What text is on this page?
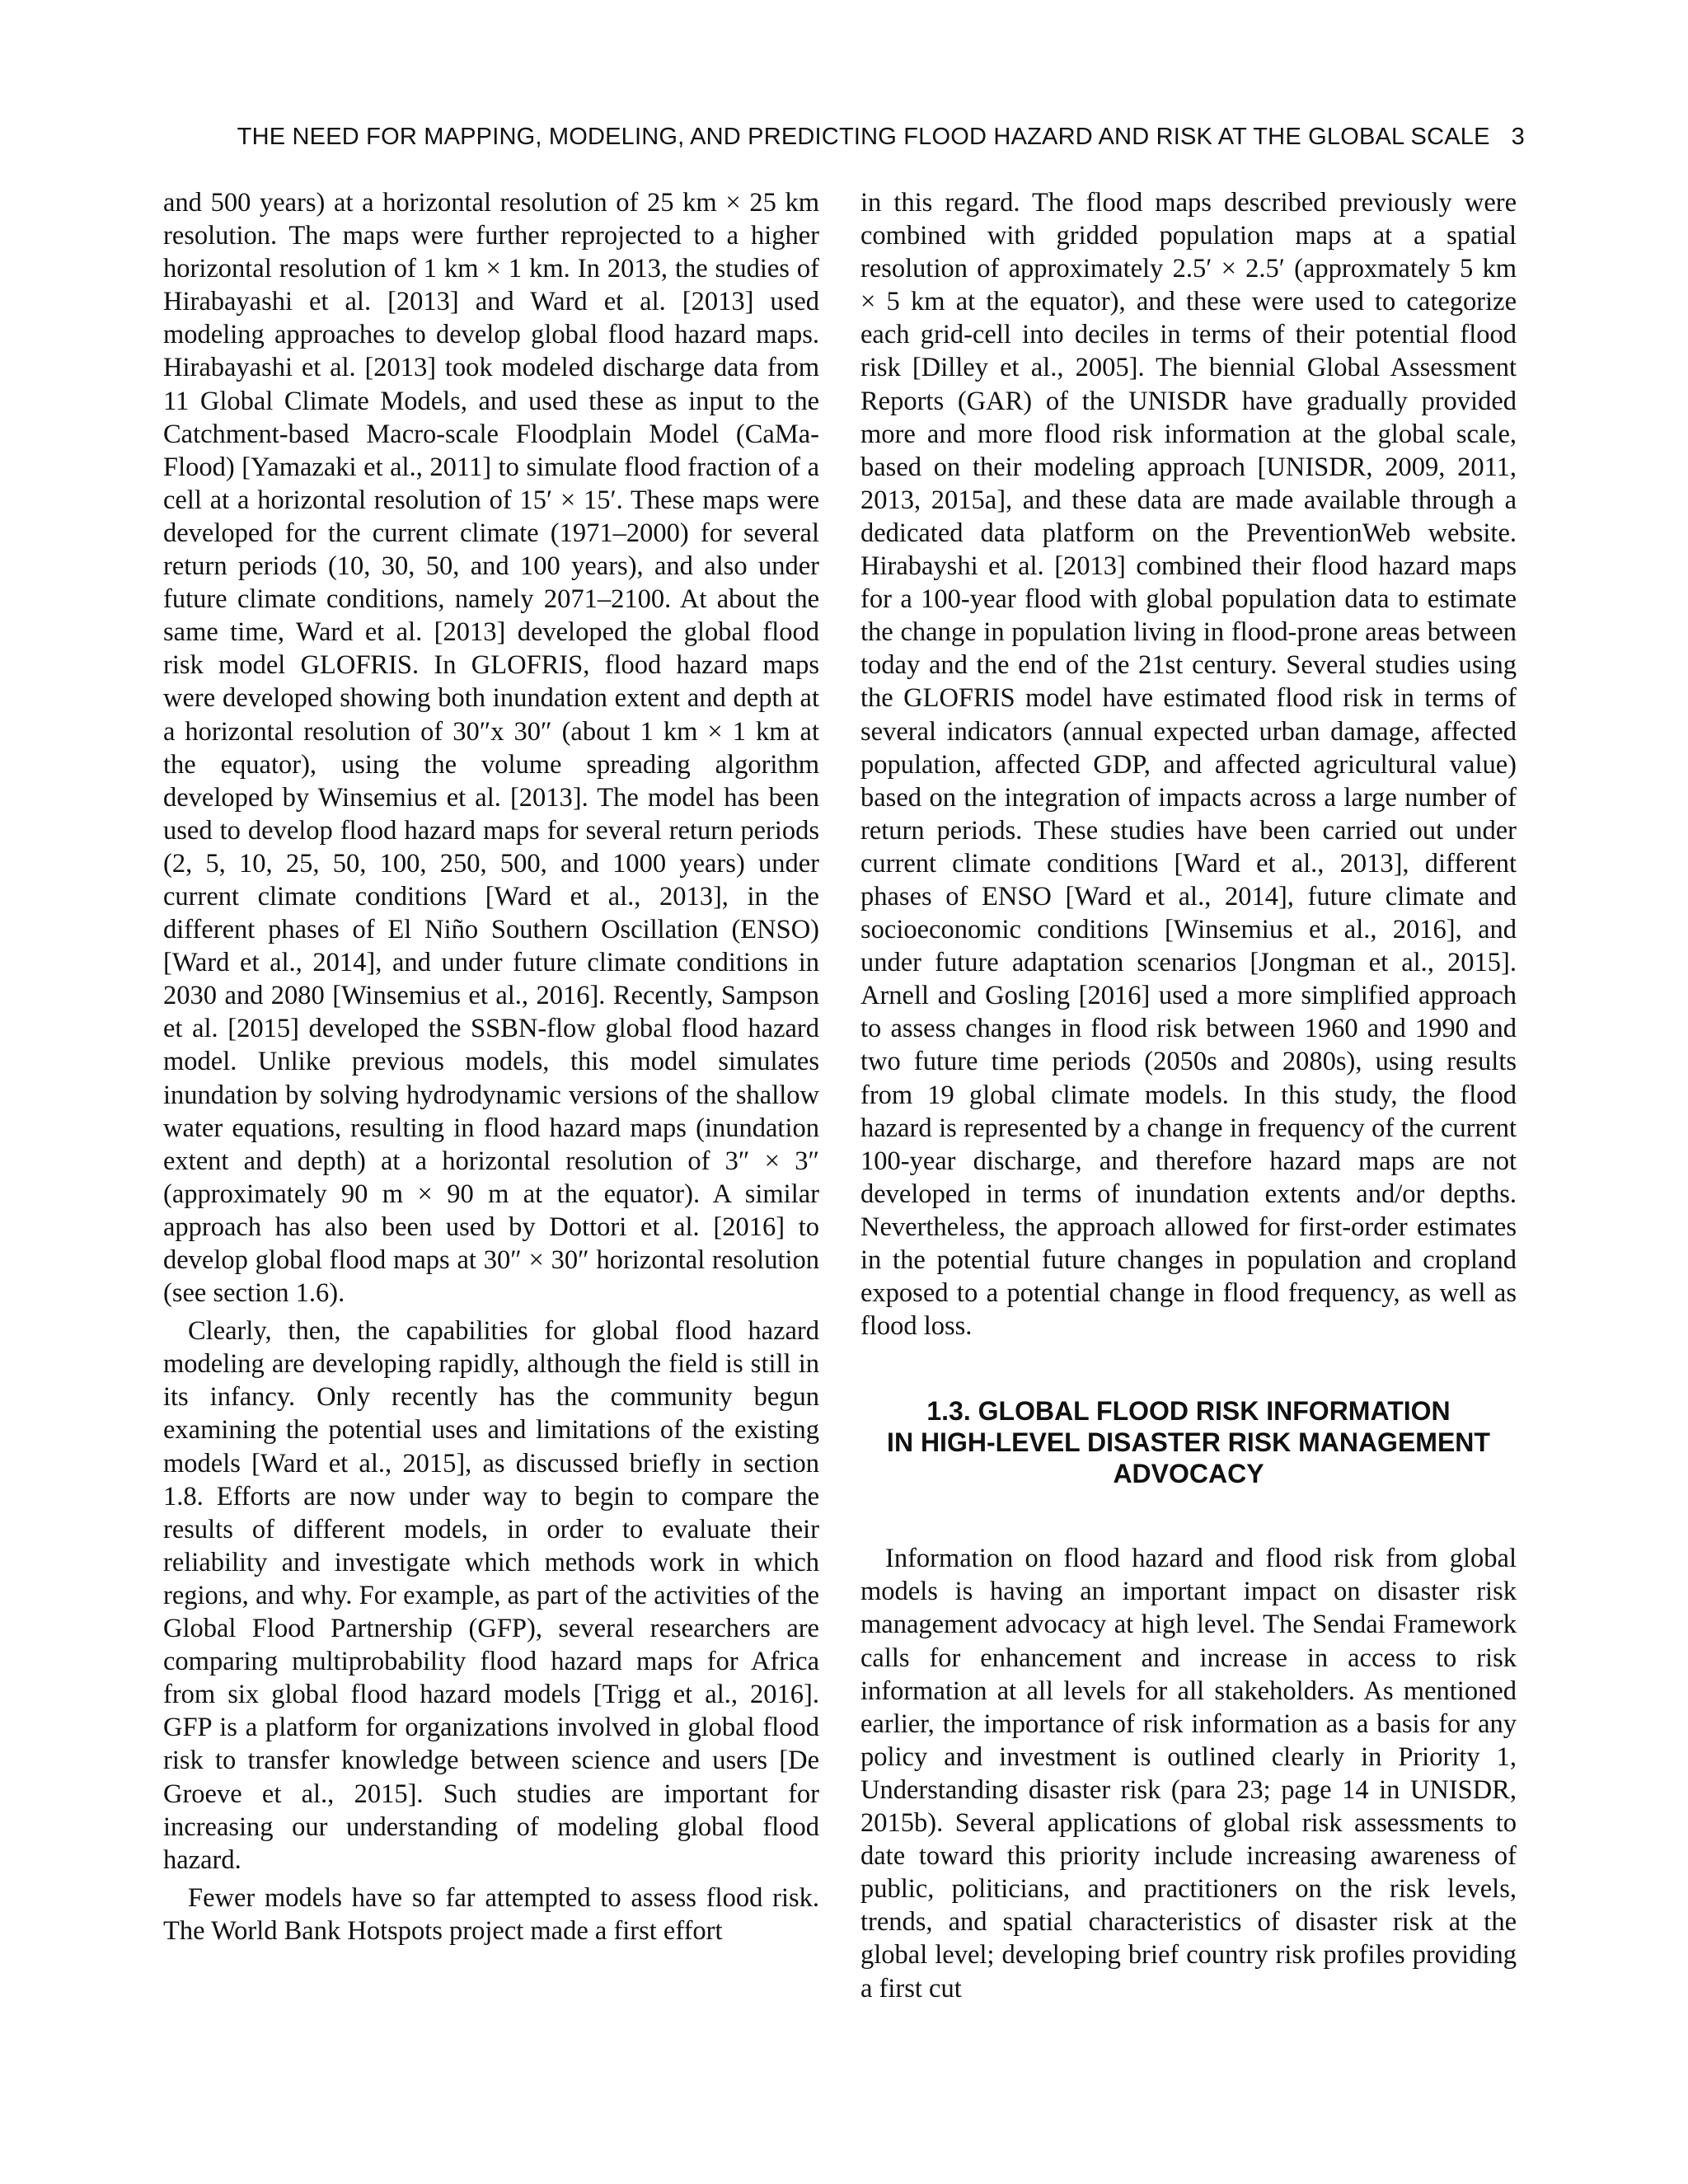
THE NEED FOR MAPPING, MODELING, AND PREDICTING FLOOD HAZARD AND RISK AT THE GLOBAL SCALE 3

and 500 years) at a horizontal resolution of 25 km × 25 km resolution. The maps were further reprojected to a higher horizontal resolution of 1 km × 1 km. In 2013, the studies of Hirabayashi et al. [2013] and Ward et al. [2013] used modeling approaches to develop global flood hazard maps. Hirabayashi et al. [2013] took modeled discharge data from 11 Global Climate Models, and used these as input to the Catchment-based Macro-scale Floodplain Model (CaMa-Flood) [Yamazaki et al., 2011] to simulate flood fraction of a cell at a horizontal resolution of 15′ × 15′. These maps were developed for the current climate (1971–2000) for several return periods (10, 30, 50, and 100 years), and also under future climate conditions, namely 2071–2100. At about the same time, Ward et al. [2013] developed the global flood risk model GLOFRIS. In GLOFRIS, flood hazard maps were developed showing both inundation extent and depth at a horizontal resolution of 30″x 30″ (about 1 km × 1 km at the equator), using the volume spreading algorithm developed by Winsemius et al. [2013]. The model has been used to develop flood hazard maps for several return periods (2, 5, 10, 25, 50, 100, 250, 500, and 1000 years) under current climate conditions [Ward et al., 2013], in the different phases of El Niño Southern Oscillation (ENSO) [Ward et al., 2014], and under future climate conditions in 2030 and 2080 [Winsemius et al., 2016]. Recently, Sampson et al. [2015] developed the SSBN-flow global flood hazard model. Unlike previous models, this model simulates inundation by solving hydrodynamic versions of the shallow water equations, resulting in flood hazard maps (inundation extent and depth) at a horizontal resolution of 3″ × 3″ (approximately 90 m × 90 m at the equator). A similar approach has also been used by Dottori et al. [2016] to develop global flood maps at 30″ × 30″ horizontal resolution (see section 1.6).

Clearly, then, the capabilities for global flood hazard modeling are developing rapidly, although the field is still in its infancy. Only recently has the community begun examining the potential uses and limitations of the existing models [Ward et al., 2015], as discussed briefly in section 1.8. Efforts are now under way to begin to compare the results of different models, in order to evaluate their reliability and investigate which methods work in which regions, and why. For example, as part of the activities of the Global Flood Partnership (GFP), several researchers are comparing multiprobability flood hazard maps for Africa from six global flood hazard models [Trigg et al., 2016]. GFP is a platform for organizations involved in global flood risk to transfer knowledge between science and users [De Groeve et al., 2015]. Such studies are important for increasing our understanding of modeling global flood hazard.

Fewer models have so far attempted to assess flood risk. The World Bank Hotspots project made a first effort

in this regard. The flood maps described previously were combined with gridded population maps at a spatial resolution of approximately 2.5′ × 2.5′ (approxmately 5 km × 5 km at the equator), and these were used to categorize each grid-cell into deciles in terms of their potential flood risk [Dilley et al., 2005]. The biennial Global Assessment Reports (GAR) of the UNISDR have gradually provided more and more flood risk information at the global scale, based on their modeling approach [UNISDR, 2009, 2011, 2013, 2015a], and these data are made available through a dedicated data platform on the PreventionWeb website. Hirabayshi et al. [2013] combined their flood hazard maps for a 100-year flood with global population data to estimate the change in population living in flood-prone areas between today and the end of the 21st century. Several studies using the GLOFRIS model have estimated flood risk in terms of several indicators (annual expected urban damage, affected population, affected GDP, and affected agricultural value) based on the integration of impacts across a large number of return periods. These studies have been carried out under current climate conditions [Ward et al., 2013], different phases of ENSO [Ward et al., 2014], future climate and socioeconomic conditions [Winsemius et al., 2016], and under future adaptation scenarios [Jongman et al., 2015]. Arnell and Gosling [2016] used a more simplified approach to assess changes in flood risk between 1960 and 1990 and two future time periods (2050s and 2080s), using results from 19 global climate models. In this study, the flood hazard is represented by a change in frequency of the current 100-year discharge, and therefore hazard maps are not developed in terms of inundation extents and/or depths. Nevertheless, the approach allowed for first-order estimates in the potential future changes in population and cropland exposed to a potential change in flood frequency, as well as flood loss.

1.3. GLOBAL FLOOD RISK INFORMATION
IN HIGH-LEVEL DISASTER RISK MANAGEMENT
ADVOCACY

Information on flood hazard and flood risk from global models is having an important impact on disaster risk management advocacy at high level. The Sendai Framework calls for enhancement and increase in access to risk information at all levels for all stakeholders. As mentioned earlier, the importance of risk information as a basis for any policy and investment is outlined clearly in Priority 1, Understanding disaster risk (para 23; page 14 in UNISDR, 2015b). Several applications of global risk assessments to date toward this priority include increasing awareness of public, politicians, and practitioners on the risk levels, trends, and spatial characteristics of disaster risk at the global level; developing brief country risk profiles providing a first cut
